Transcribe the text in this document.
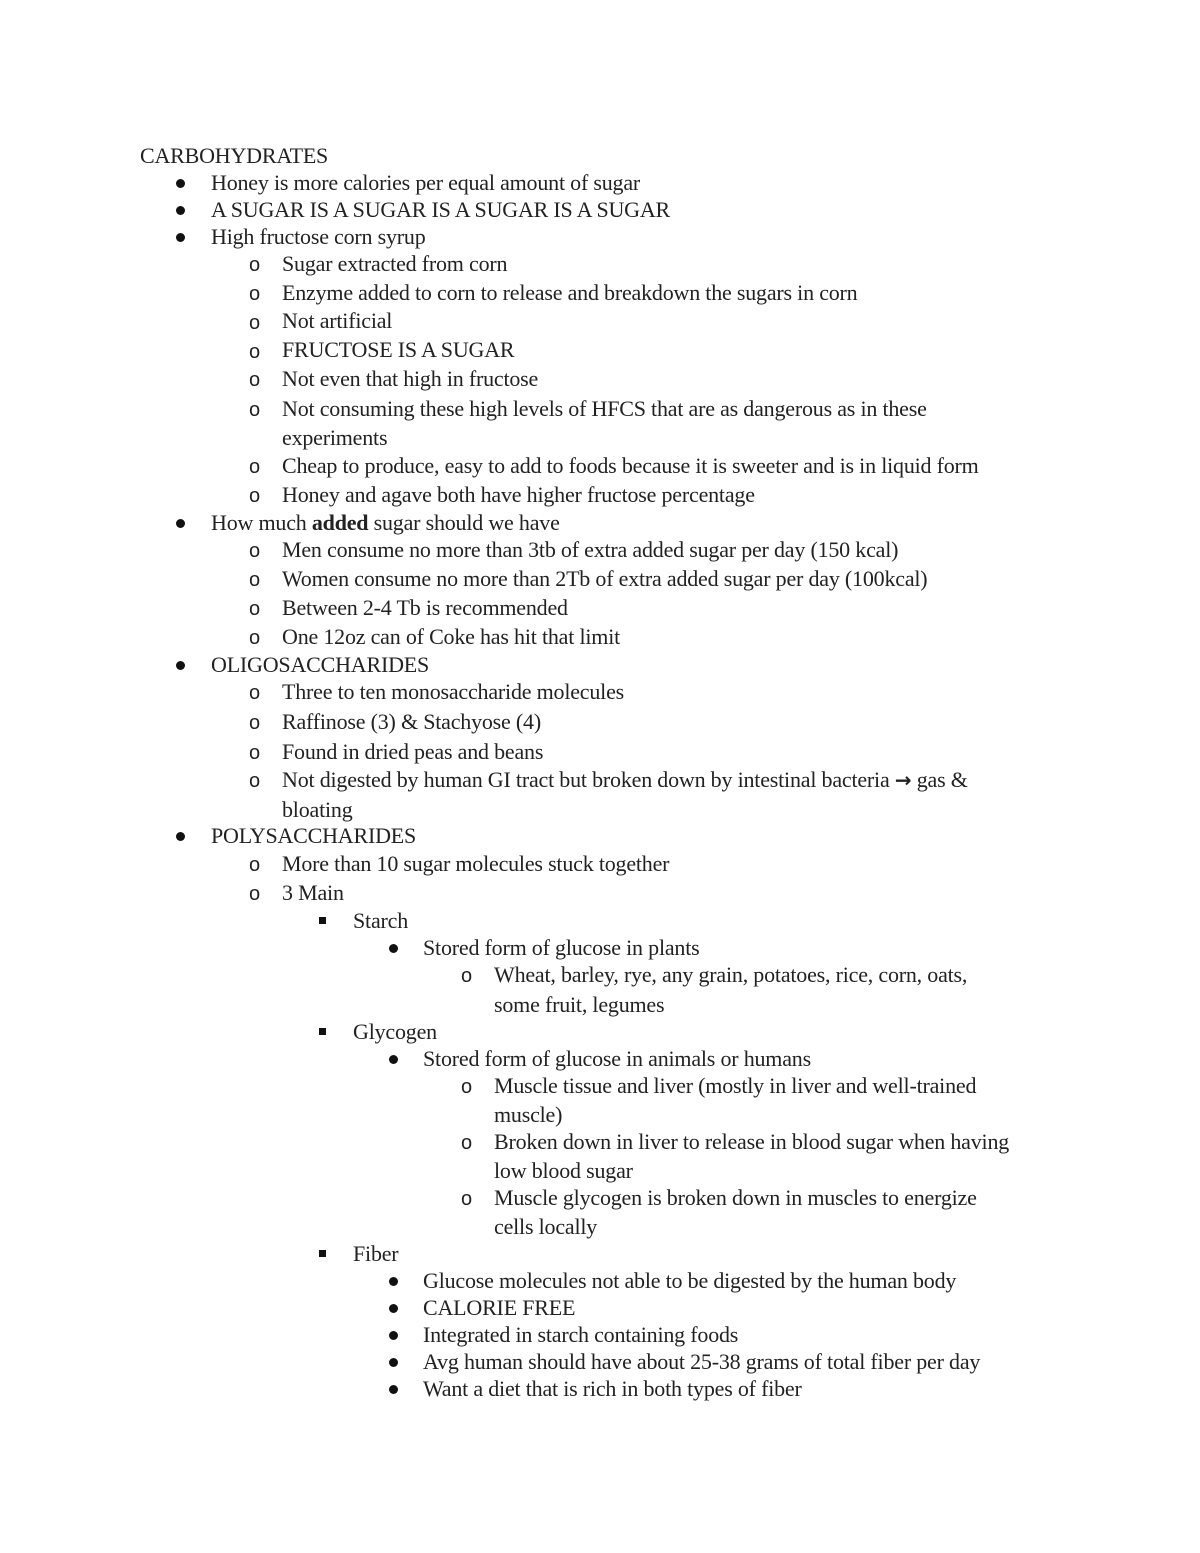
CARBOHYDRATES
Honey is more calories per equal amount of sugar
A SUGAR IS A SUGAR IS A SUGAR IS A SUGAR
High fructose corn syrup
o Sugar extracted from corn
o Enzyme added to corn to release and breakdown the sugars in corn
o Not artificial
o FRUCTOSE IS A SUGAR
o Not even that high in fructose
o Not consuming these high levels of HFCS that are as dangerous as in these
experiments
o Cheap to produce, easy to add to foods because it is sweeter and is in liquid form
o Honey and agave both have higher fructose percentage
How much added sugar should we have
o Men consume no more than 3tb of extra added sugar per day (150 kcal)
o Women consume no more than 2Tb of extra added sugar per day (100kcal)
o Between 2-4 Tb is recommended
o One 12oz can of Coke has hit that limit
OLIGOSACCHARIDES
o Three to ten monosaccharide molecules
o Raffinose (3) & Stachyose (4)
o Found in dried peas and beans
o Not digested by human GI tract but broken down by intestinal bacteria → gas &
bloating
POLYSACCHARIDES
o More than 10 sugar molecules stuck together
o 3 Main
Starch
Stored form of glucose in plants
o Wheat, barley, rye, any grain, potatoes, rice, corn, oats,
some fruit, legumes
Glycogen
Stored form of glucose in animals or humans
o Muscle tissue and liver (mostly in liver and well-trained
muscle)
o Broken down in liver to release in blood sugar when having
low blood sugar
o Muscle glycogen is broken down in muscles to energize
cells locally
Fiber
Glucose molecules not able to be digested by the human body
CALORIE FREE
Integrated in starch containing foods
Avg human should have about 25-38 grams of total fiber per day
Want a diet that is rich in both types of fiber
